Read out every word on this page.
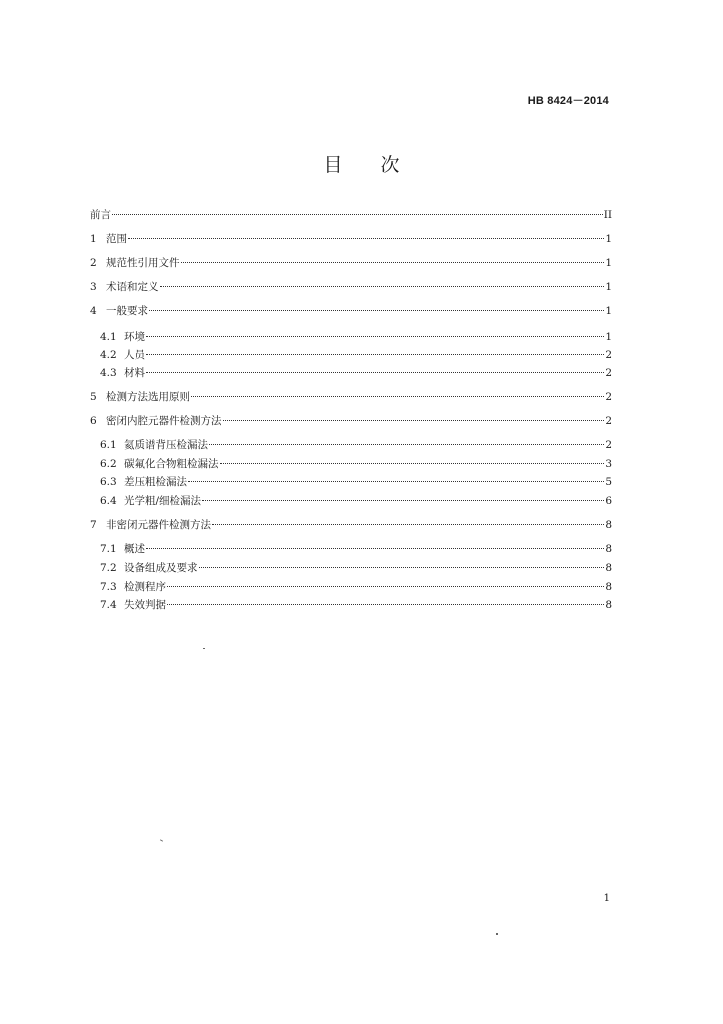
HB 8424－2014
目 次
前言	II
1 范围	1
2 规范性引用文件	1
3 术语和定义	1
4 一般要求	1
4.1 环境	1
4.2 人员	2
4.3 材料	2
5 检测方法选用原则	2
6 密闭内腔元器件检测方法	2
6.1 氦质谱背压检漏法	2
6.2 碳氟化合物粗检漏法	3
6.3 差压粗检漏法	5
6.4 光学粗/细检漏法	6
7 非密闭元器件检测方法	8
7.1 概述	8
7.2 设备组成及要求	8
7.3 检测程序	8
7.4 失效判据	8
1
